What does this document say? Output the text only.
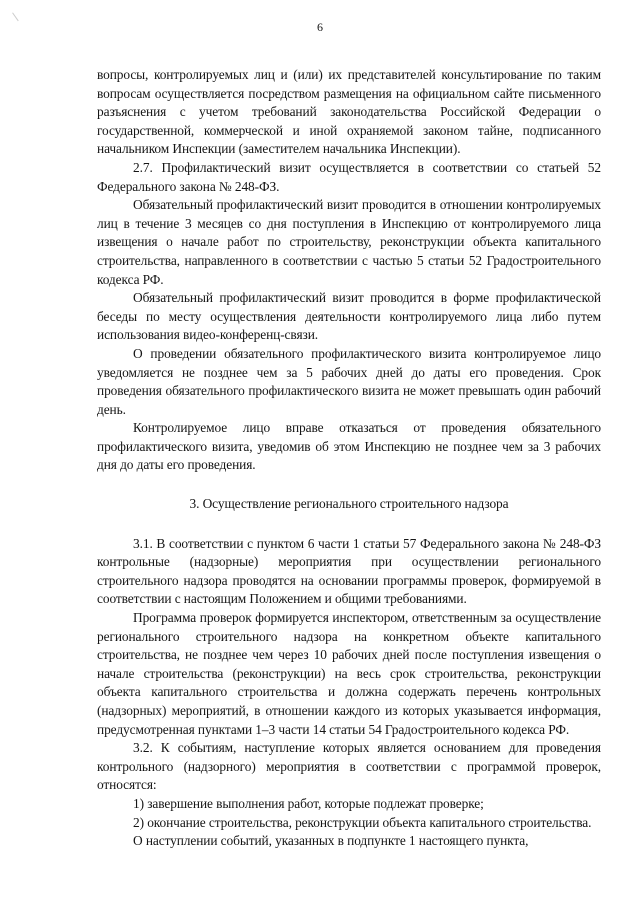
6

вопросы, контролируемых лиц и (или) их представителей консультирование по таким вопросам осуществляется посредством размещения на официальном сайте письменного разъяснения с учетом требований законодательства Российской Федерации о государственной, коммерческой и иной охраняемой законом тайне, подписанного начальником Инспекции (заместителем начальника Инспекции).

2.7. Профилактический визит осуществляется в соответствии со статьей 52 Федерального закона № 248-ФЗ.

Обязательный профилактический визит проводится в отношении контролируемых лиц в течение 3 месяцев со дня поступления в Инспекцию от контролируемого лица извещения о начале работ по строительству, реконструкции объекта капитального строительства, направленного в соответствии с частью 5 статьи 52 Градостроительного кодекса РФ.

Обязательный профилактический визит проводится в форме профилактической беседы по месту осуществления деятельности контролируемого лица либо путем использования видео-конференц-связи.

О проведении обязательного профилактического визита контролируемое лицо уведомляется не позднее чем за 5 рабочих дней до даты его проведения. Срок проведения обязательного профилактического визита не может превышать один рабочий день.

Контролируемое лицо вправе отказаться от проведения обязательного профилактического визита, уведомив об этом Инспекцию не позднее чем за 3 рабочих дня до даты его проведения.

3. Осуществление регионального строительного надзора

3.1. В соответствии с пунктом 6 части 1 статьи 57 Федерального закона № 248-ФЗ контрольные (надзорные) мероприятия при осуществлении регионального строительного надзора проводятся на основании программы проверок, формируемой в соответствии с настоящим Положением и общими требованиями.

Программа проверок формируется инспектором, ответственным за осуществление регионального строительного надзора на конкретном объекте капитального строительства, не позднее чем через 10 рабочих дней после поступления извещения о начале строительства (реконструкции) на весь срок строительства, реконструкции объекта капитального строительства и должна содержать перечень контрольных (надзорных) мероприятий, в отношении каждого из которых указывается информация, предусмотренная пунктами 1–3 части 14 статьи 54 Градостроительного кодекса РФ.

3.2. К событиям, наступление которых является основанием для проведения контрольного (надзорного) мероприятия в соответствии с программой проверок, относятся:

1) завершение выполнения работ, которые подлежат проверке;

2) окончание строительства, реконструкции объекта капитального строительства.

О наступлении событий, указанных в подпункте 1 настоящего пункта,
